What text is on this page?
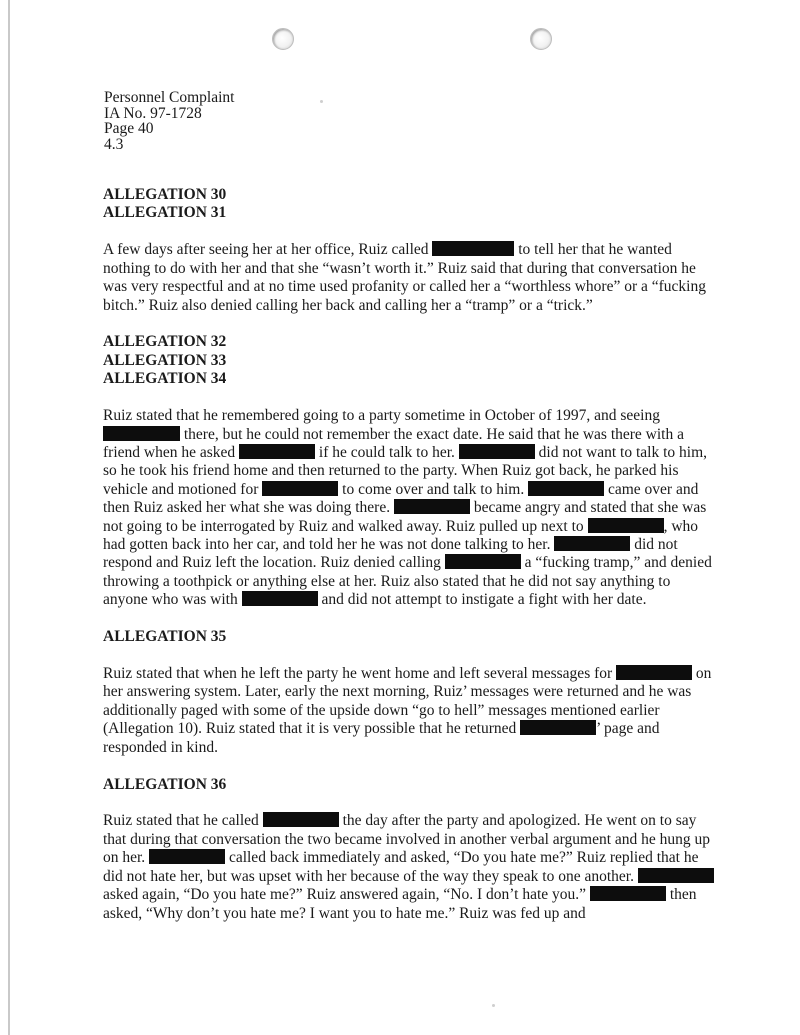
Personnel Complaint
IA No. 97-1728
Page 40
4.3
ALLEGATION 30
ALLEGATION 31
A few days after seeing her at her office, Ruiz called	to tell her that he wanted nothing to do with her and that she “wasn’t worth it.” Ruiz said that during that conversation he was very respectful and at no time used profanity or called her a “worthless whore” or a “fucking bitch.” Ruiz also denied calling her back and calling her a “tramp” or a “trick.”
ALLEGATION 32
ALLEGATION 33
ALLEGATION 34
Ruiz stated that he remembered going to a party sometime in October of 1997, and seeing  there, but he could not remember the exact date. He said that he was there with a friend when he asked	if he could talk to her.	did not want to talk to him, so he took his friend home and then returned to the party. When Ruiz got back, he parked his vehicle and motioned for	to come over and talk to him.	came over and then Ruiz asked her what she was doing there.	became angry and stated that she was not going to be interrogated by Ruiz and walked away. Ruiz pulled up next to	, who had gotten back into her car, and told her he was not done talking to her.	did not respond and Ruiz left the location. Ruiz denied calling	a “fucking tramp,” and denied throwing a toothpick or anything else at her. Ruiz also stated that he did not say anything to anyone who was with	and did not attempt to instigate a fight with her date.
ALLEGATION 35
Ruiz stated that when he left the party he went home and left several messages for	on her answering system. Later, early the next morning, Ruiz’ messages were returned and he was additionally paged with some of the upside down “go to hell” messages mentioned earlier (Allegation 10). Ruiz stated that it is very possible that he returned	’ page and responded in kind.
ALLEGATION 36
Ruiz stated that he called	the day after the party and apologized. He went on to say that during that conversation the two became involved in another verbal argument and he hung up on her.	called back immediately and asked, “Do you hate me?” Ruiz replied that he did not hate her, but was upset with her because of the way they speak to one another.  asked again, “Do you hate me?” Ruiz answered again, “No. I don’t hate you.”	then asked, “Why don’t you hate me? I want you to hate me.” Ruiz was fed up and
